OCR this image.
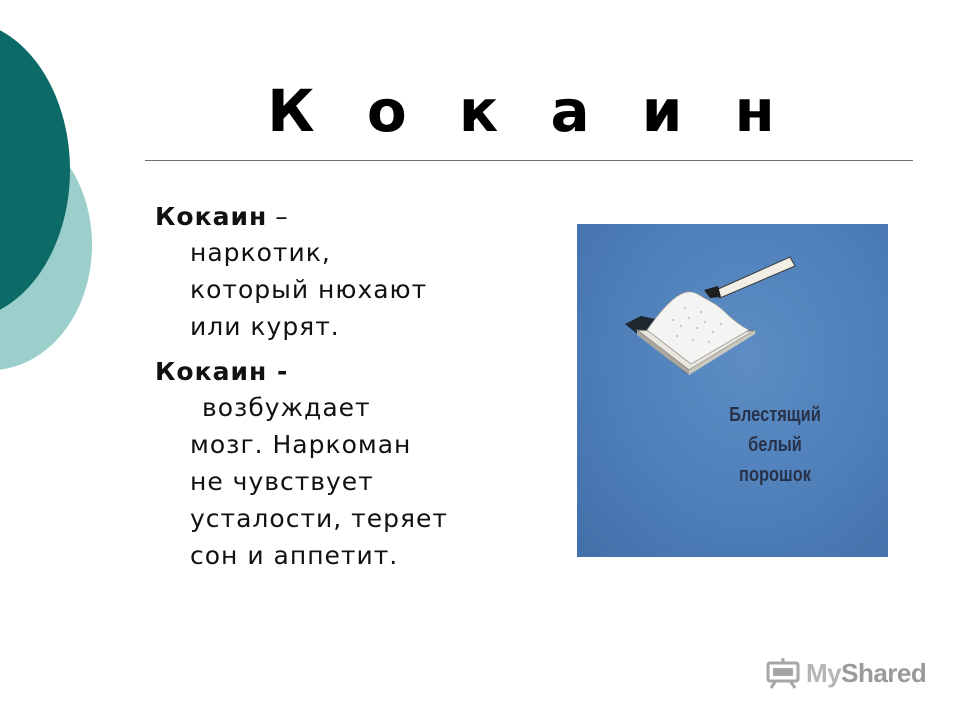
К о к а и н
Кокаин –
наркотик,
который нюхают
или курят.
Кокаин -
возбуждает
мозг. Наркоман
не чувствует
усталости, теряет
сон и аппетит.
Блестящий
белый
порошок
MyShared
